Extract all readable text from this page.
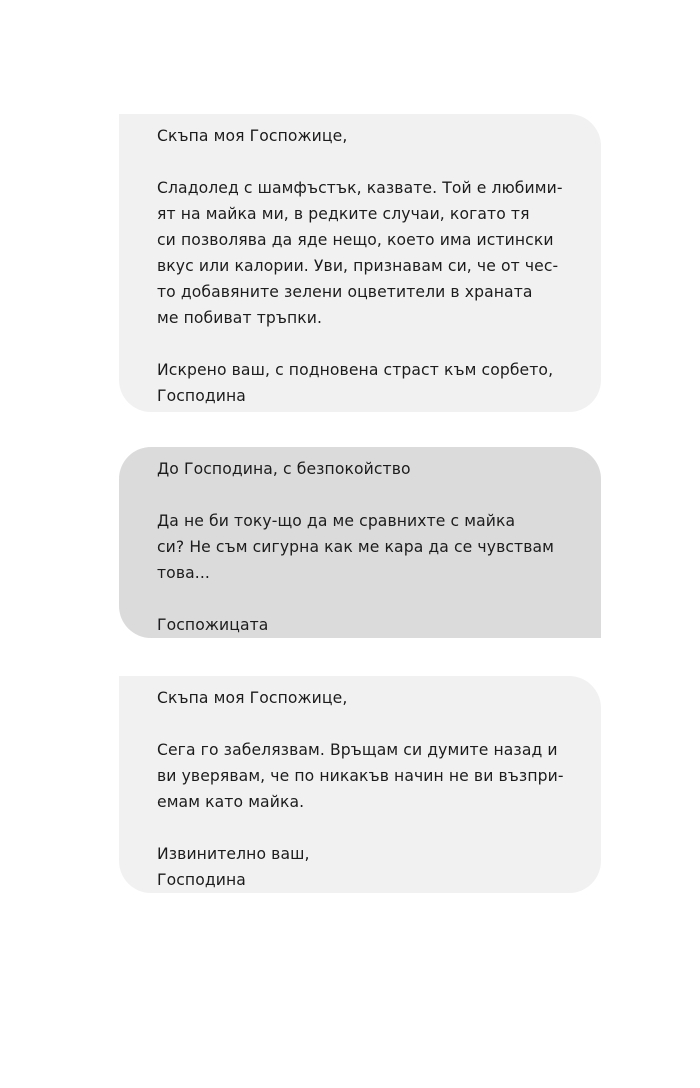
Скъпа моя Госпожице,

Сладолед с шамфъстък, казвате. Той е любими-
ят на майка ми, в редките случаи, когато тя
си позволява да яде нещо, което има истински
вкус или калории. Уви, признавам си, че от чес-
то добавяните зелени оцветители в храната
ме побиват тръпки.

Искрено ваш, с подновена страст към сорбето,

Господина

До Господина, с безпокойство

Да не би току-що да ме сравнихте с майка
си? Не съм сигурна как ме кара да се чувствам
това...

Госпожицата

Скъпа моя Госпожице,

Сега го забелязвам. Връщам си думите назад и
ви уверявам, че по никакъв начин не ви възпри-
емам като майка.

Извинително ваш,

Господина
